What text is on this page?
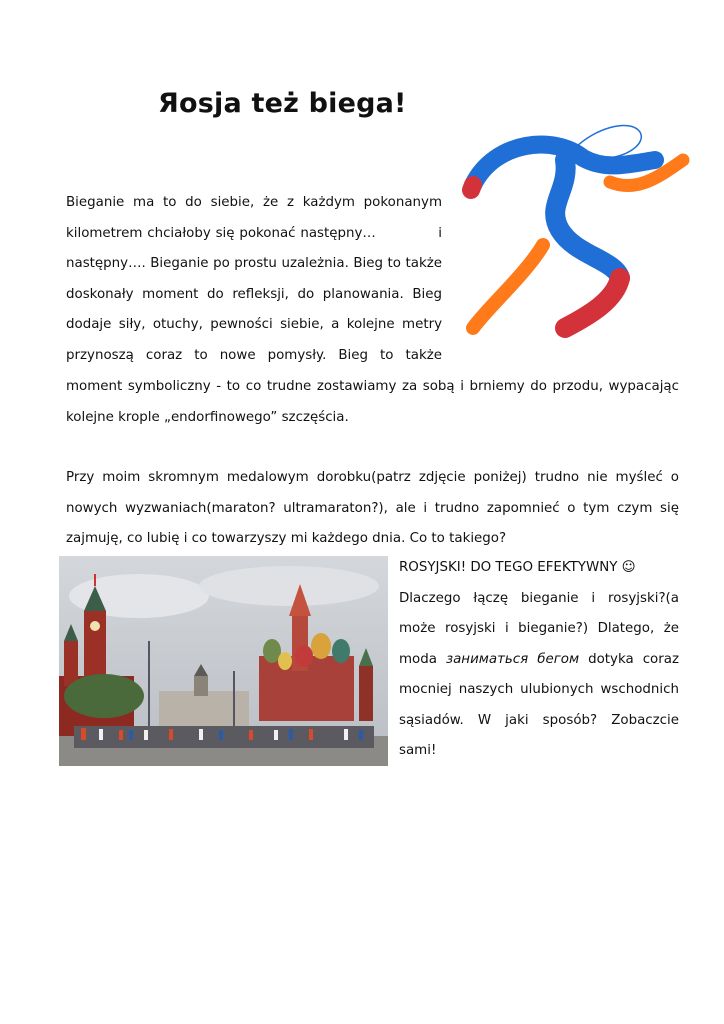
Яosja też biega!
Bieganie ma to do siebie, że z każdym pokonanym
kilometrem chciałoby się pokonać następny…             i
następny…. Bieganie po prostu uzależnia. Bieg to także
doskonały moment do refleksji, do planowania. Bieg
dodaje siły, otuchy, pewności siebie, a kolejne metry
przynoszą coraz to nowe pomysły. Bieg to także
moment symboliczny - to co trudne zostawiamy za sobą i brniemy do przodu, wypacając
kolejne krople „endorfinowego” szczęścia.
Przy moim skromnym medalowym dorobku(patrz zdjęcie poniżej) trudno nie myśleć o
nowych wyzwaniach(maraton? ultramaraton?), ale i trudno zapomnieć o tym czym się
zajmuję, co lubię i co towarzyszy mi każdego dnia. Co to takiego?
ROSYJSKI! DO TEGO EFEKTYWNY ☺
Dlaczego łączę bieganie i rosyjski?(a
może rosyjski i bieganie?) Dlatego, że
moda заниматься бегом dotyka coraz
mocniej naszych ulubionych wschodnich
sąsiadów. W jaki sposób? Zobaczcie
sami!
